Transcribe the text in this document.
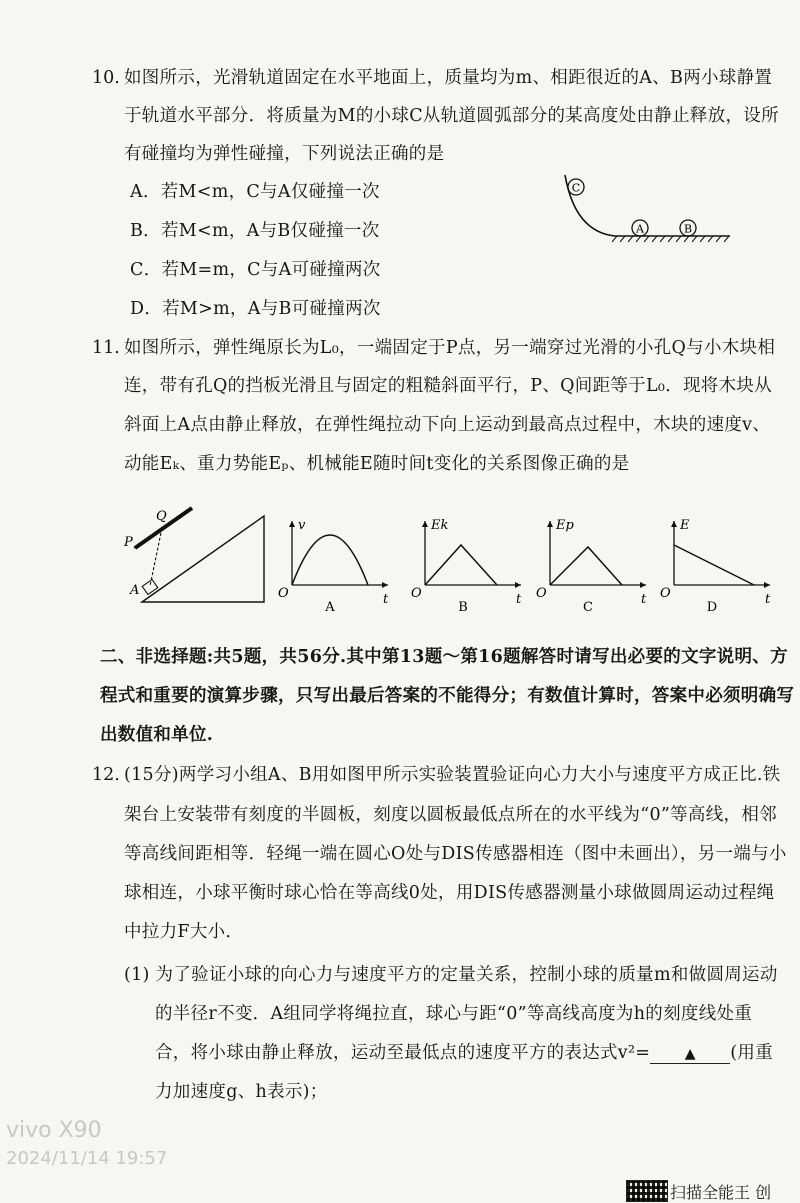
10. 如图所示，光滑轨道固定在水平地面上，质量均为m、相距很近的A、B两小球静置
于轨道水平部分．将质量为M的小球C从轨道圆弧部分的某高度处由静止释放，设所
有碰撞均为弹性碰撞，下列说法正确的是
A．若M<m，C与A仅碰撞一次
B．若M<m，A与B仅碰撞一次
C．若M=m，C与A可碰撞两次
D．若M>m，A与B可碰撞两次
C
A	B
11. 如图所示，弹性绳原长为L₀，一端固定于P点，另一端穿过光滑的小孔Q与小木块相
连，带有孔Q的挡板光滑且与固定的粗糙斜面平行，P、Q间距等于L₀．现将木块从
斜面上A点由静止释放，在弹性绳拉动下向上运动到最高点过程中，木块的速度v、
动能Eₖ、重力势能Eₚ、机械能E随时间t变化的关系图像正确的是
P
Q
A
v
t
O
A
Ek
t
O
B
Ep
t
O
C
E
t
O
D
二、非选择题:共5题，共56分.其中第13题～第16题解答时请写出必要的文字说明、方
程式和重要的演算步骤，只写出最后答案的不能得分；有数值计算时，答案中必须明确写
出数值和单位.
12. (15分)两学习小组A、B用如图甲所示实验装置验证向心力大小与速度平方成正比.铁
架台上安装带有刻度的半圆板，刻度以圆板最低点所在的水平线为“0”等高线，相邻
等高线间距相等．轻绳一端在圆心O处与DIS传感器相连（图中未画出），另一端与小
球相连，小球平衡时球心恰在等高线0处，用DIS传感器测量小球做圆周运动过程绳
中拉力F大小．
(1) 为了验证小球的向心力与速度平方的定量关系，控制小球的质量m和做圆周运动
的半径r不变．A组同学将绳拉直，球心与距“0”等高线高度为h的刻度线处重
合，将小球由静止释放，运动至最低点的速度平方的表达式v²= ▲ (用重
力加速度g、h表示)；
vivo X90
2024/11/14 19:57
扫描全能王 创
